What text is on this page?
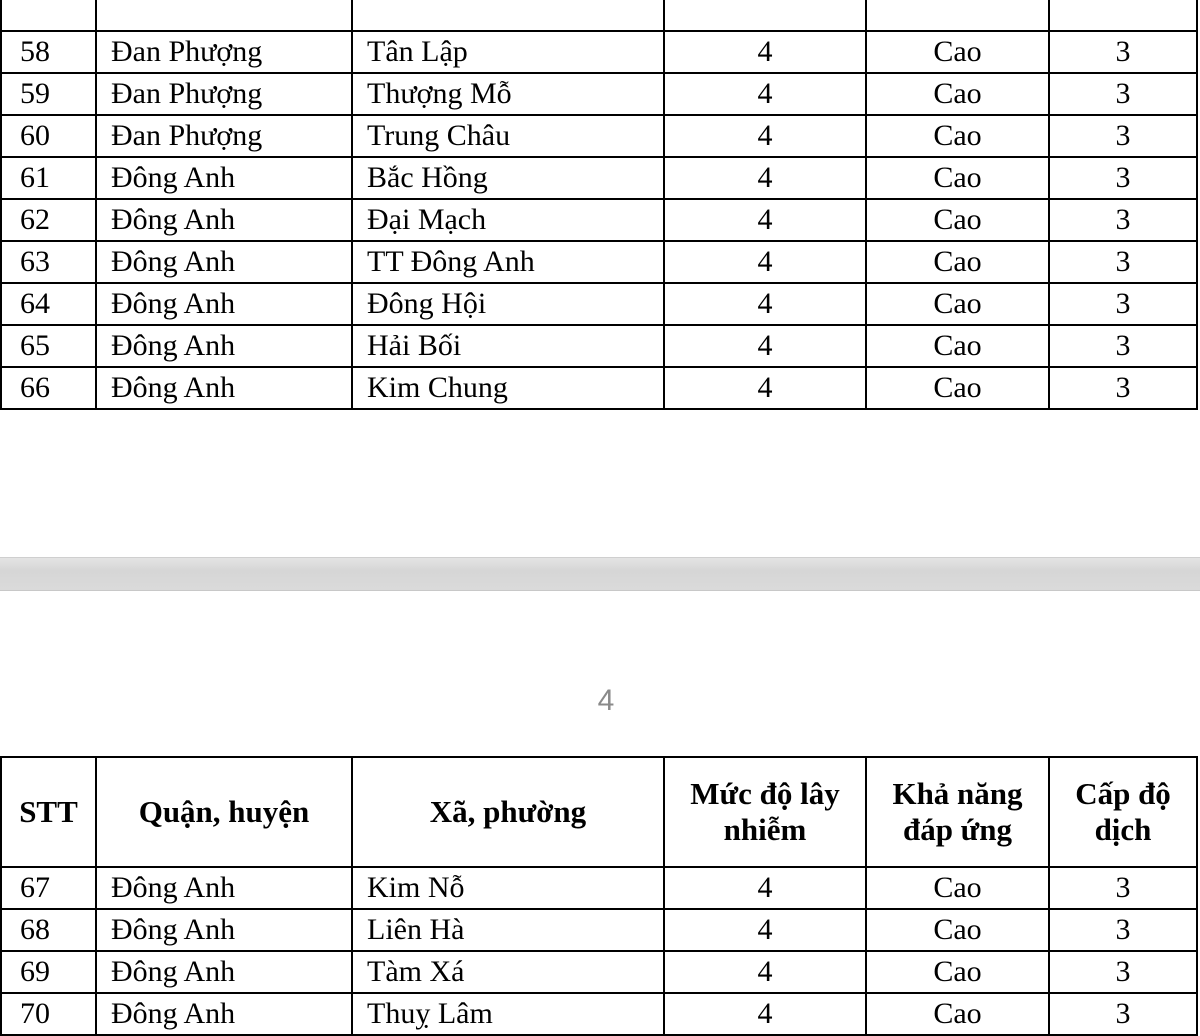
58	Đan Phượng	Tân Lập	4	Cao	3
59	Đan Phượng	Thượng Mỗ	4	Cao	3
60	Đan Phượng	Trung Châu	4	Cao	3
61	Đông Anh	Bắc Hồng	4	Cao	3
62	Đông Anh	Đại Mạch	4	Cao	3
63	Đông Anh	TT Đông Anh	4	Cao	3
64	Đông Anh	Đông Hội	4	Cao	3
65	Đông Anh	Hải Bối	4	Cao	3
66	Đông Anh	Kim Chung	4	Cao	3
4
STT	Quận, huyện	Xã, phường	Mức độ lây nhiễm	Khả năng đáp ứng	Cấp độ dịch
67	Đông Anh	Kim Nỗ	4	Cao	3
68	Đông Anh	Liên Hà	4	Cao	3
69	Đông Anh	Tàm Xá	4	Cao	3
70	Đông Anh	Thuỵ Lâm	4	Cao	3
